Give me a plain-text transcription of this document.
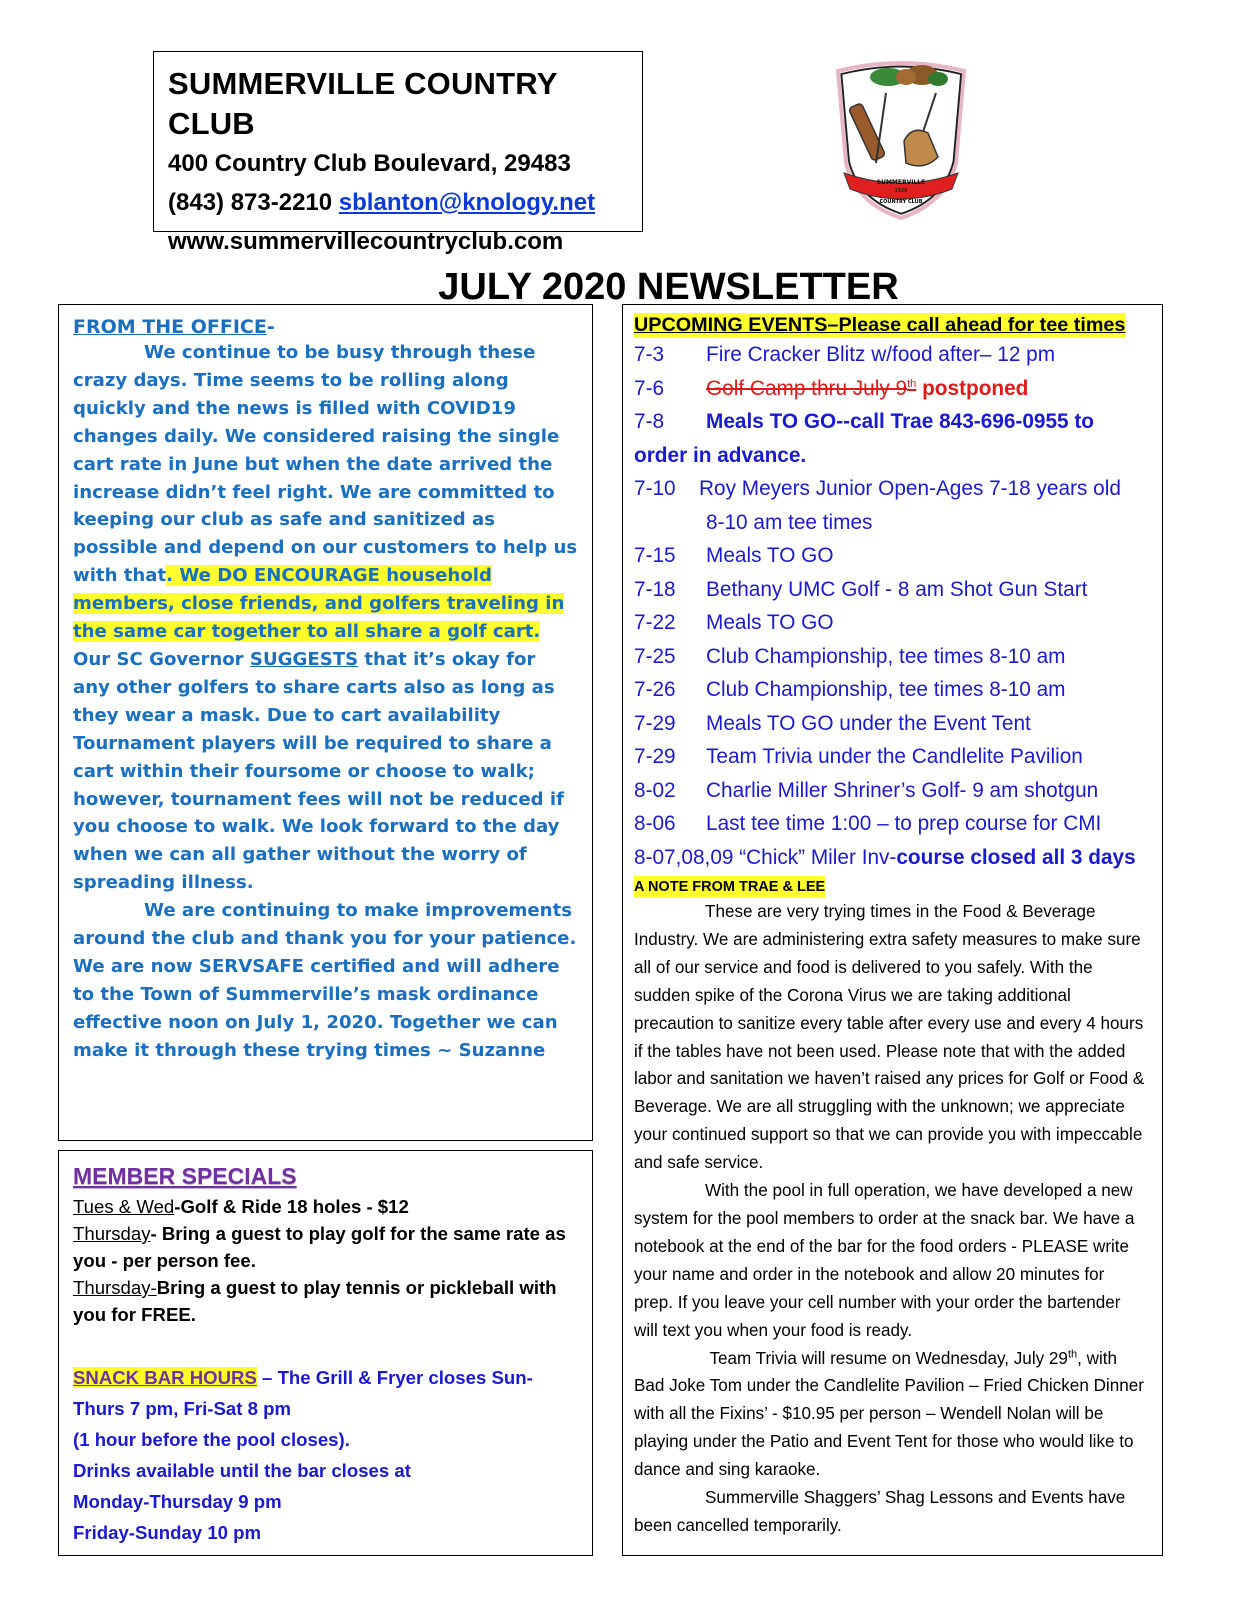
SUMMERVILLE COUNTRY CLUB
400 Country Club Boulevard, 29483
(843) 873-2210 sblanton@knology.net
www.summervillecountryclub.com
SUMMERVILLE
1926
COUNTRY CLUB
JULY 2020 NEWSLETTER
FROM THE OFFICE-

We continue to be busy through these crazy days. Time seems to be rolling along quickly and the news is filled with COVID19 changes daily. We considered raising the single cart rate in June but when the date arrived the increase didn’t feel right. We are committed to keeping our club as safe and sanitized as possible and depend on our customers to help us with that. We DO ENCOURAGE household members, close friends, and golfers traveling in the same car together to all share a golf cart. Our SC Governor SUGGESTS that it’s okay for any other golfers to share carts also as long as they wear a mask. Due to cart availability Tournament players will be required to share a cart within their foursome or choose to walk; however, tournament fees will not be reduced if you choose to walk. We look forward to the day when we can all gather without the worry of spreading illness.

We are continuing to make improvements around the club and thank you for your patience. We are now SERVSAFE certified and will adhere to the Town of Summerville’s mask ordinance effective noon on July 1, 2020. Together we can make it through these trying times ~ Suzanne

MEMBER SPECIALS

Tues & Wed-Golf & Ride 18 holes - $12

Thursday- Bring a guest to play golf for the same rate as you - per person fee.

Thursday-Bring a guest to play tennis or pickleball with you for FREE.

SNACK BAR HOURS – The Grill & Fryer closes Sun-Thurs 7 pm, Fri-Sat 8 pm

(1 hour before the pool closes).

Drinks available until the bar closes at

Monday-Thursday 9 pm

Friday-Sunday 10 pm

UPCOMING EVENTS–Please call ahead for tee times
7-3 Fire Cracker Blitz w/food after– 12 pm
7-6 Golf Camp thru July 9th postponed
7-8 Meals TO GO--call Trae 843-696-0955 to
order in advance.
7-10 Roy Meyers Junior Open-Ages 7-18 years old
8-10 am tee times
7-15 Meals TO GO
7-18 Bethany UMC Golf - 8 am Shot Gun Start
7-22 Meals TO GO
7-25 Club Championship, tee times 8-10 am
7-26 Club Championship, tee times 8-10 am
7-29 Meals TO GO under the Event Tent
7-29 Team Trivia under the Candlelite Pavilion
8-02 Charlie Miller Shriner’s Golf- 9 am shotgun
8-06 Last tee time 1:00 – to prep course for CMI
8-07,08,09 “Chick” Miler Inv-course closed all 3 days
A NOTE FROM TRAE & LEE

These are very trying times in the Food & Beverage Industry. We are administering extra safety measures to make sure all of our service and food is delivered to you safely. With the sudden spike of the Corona Virus we are taking additional precaution to sanitize every table after every use and every 4 hours if the tables have not been used. Please note that with the added labor and sanitation we haven’t raised any prices for Golf or Food & Beverage. We are all struggling with the unknown; we appreciate your continued support so that we can provide you with impeccable and safe service.

With the pool in full operation, we have developed a new system for the pool members to order at the snack bar. We have a notebook at the end of the bar for the food orders - PLEASE write your name and order in the notebook and allow 20 minutes for prep. If you leave your cell number with your order the bartender will text you when your food is ready.

Team Trivia will resume on Wednesday, July 29th, with Bad Joke Tom under the Candlelite Pavilion – Fried Chicken Dinner with all the Fixins’ - $10.95 per person – Wendell Nolan will be playing under the Patio and Event Tent for those who would like to dance and sing karaoke.

Summerville Shaggers’ Shag Lessons and Events have been cancelled temporarily.
